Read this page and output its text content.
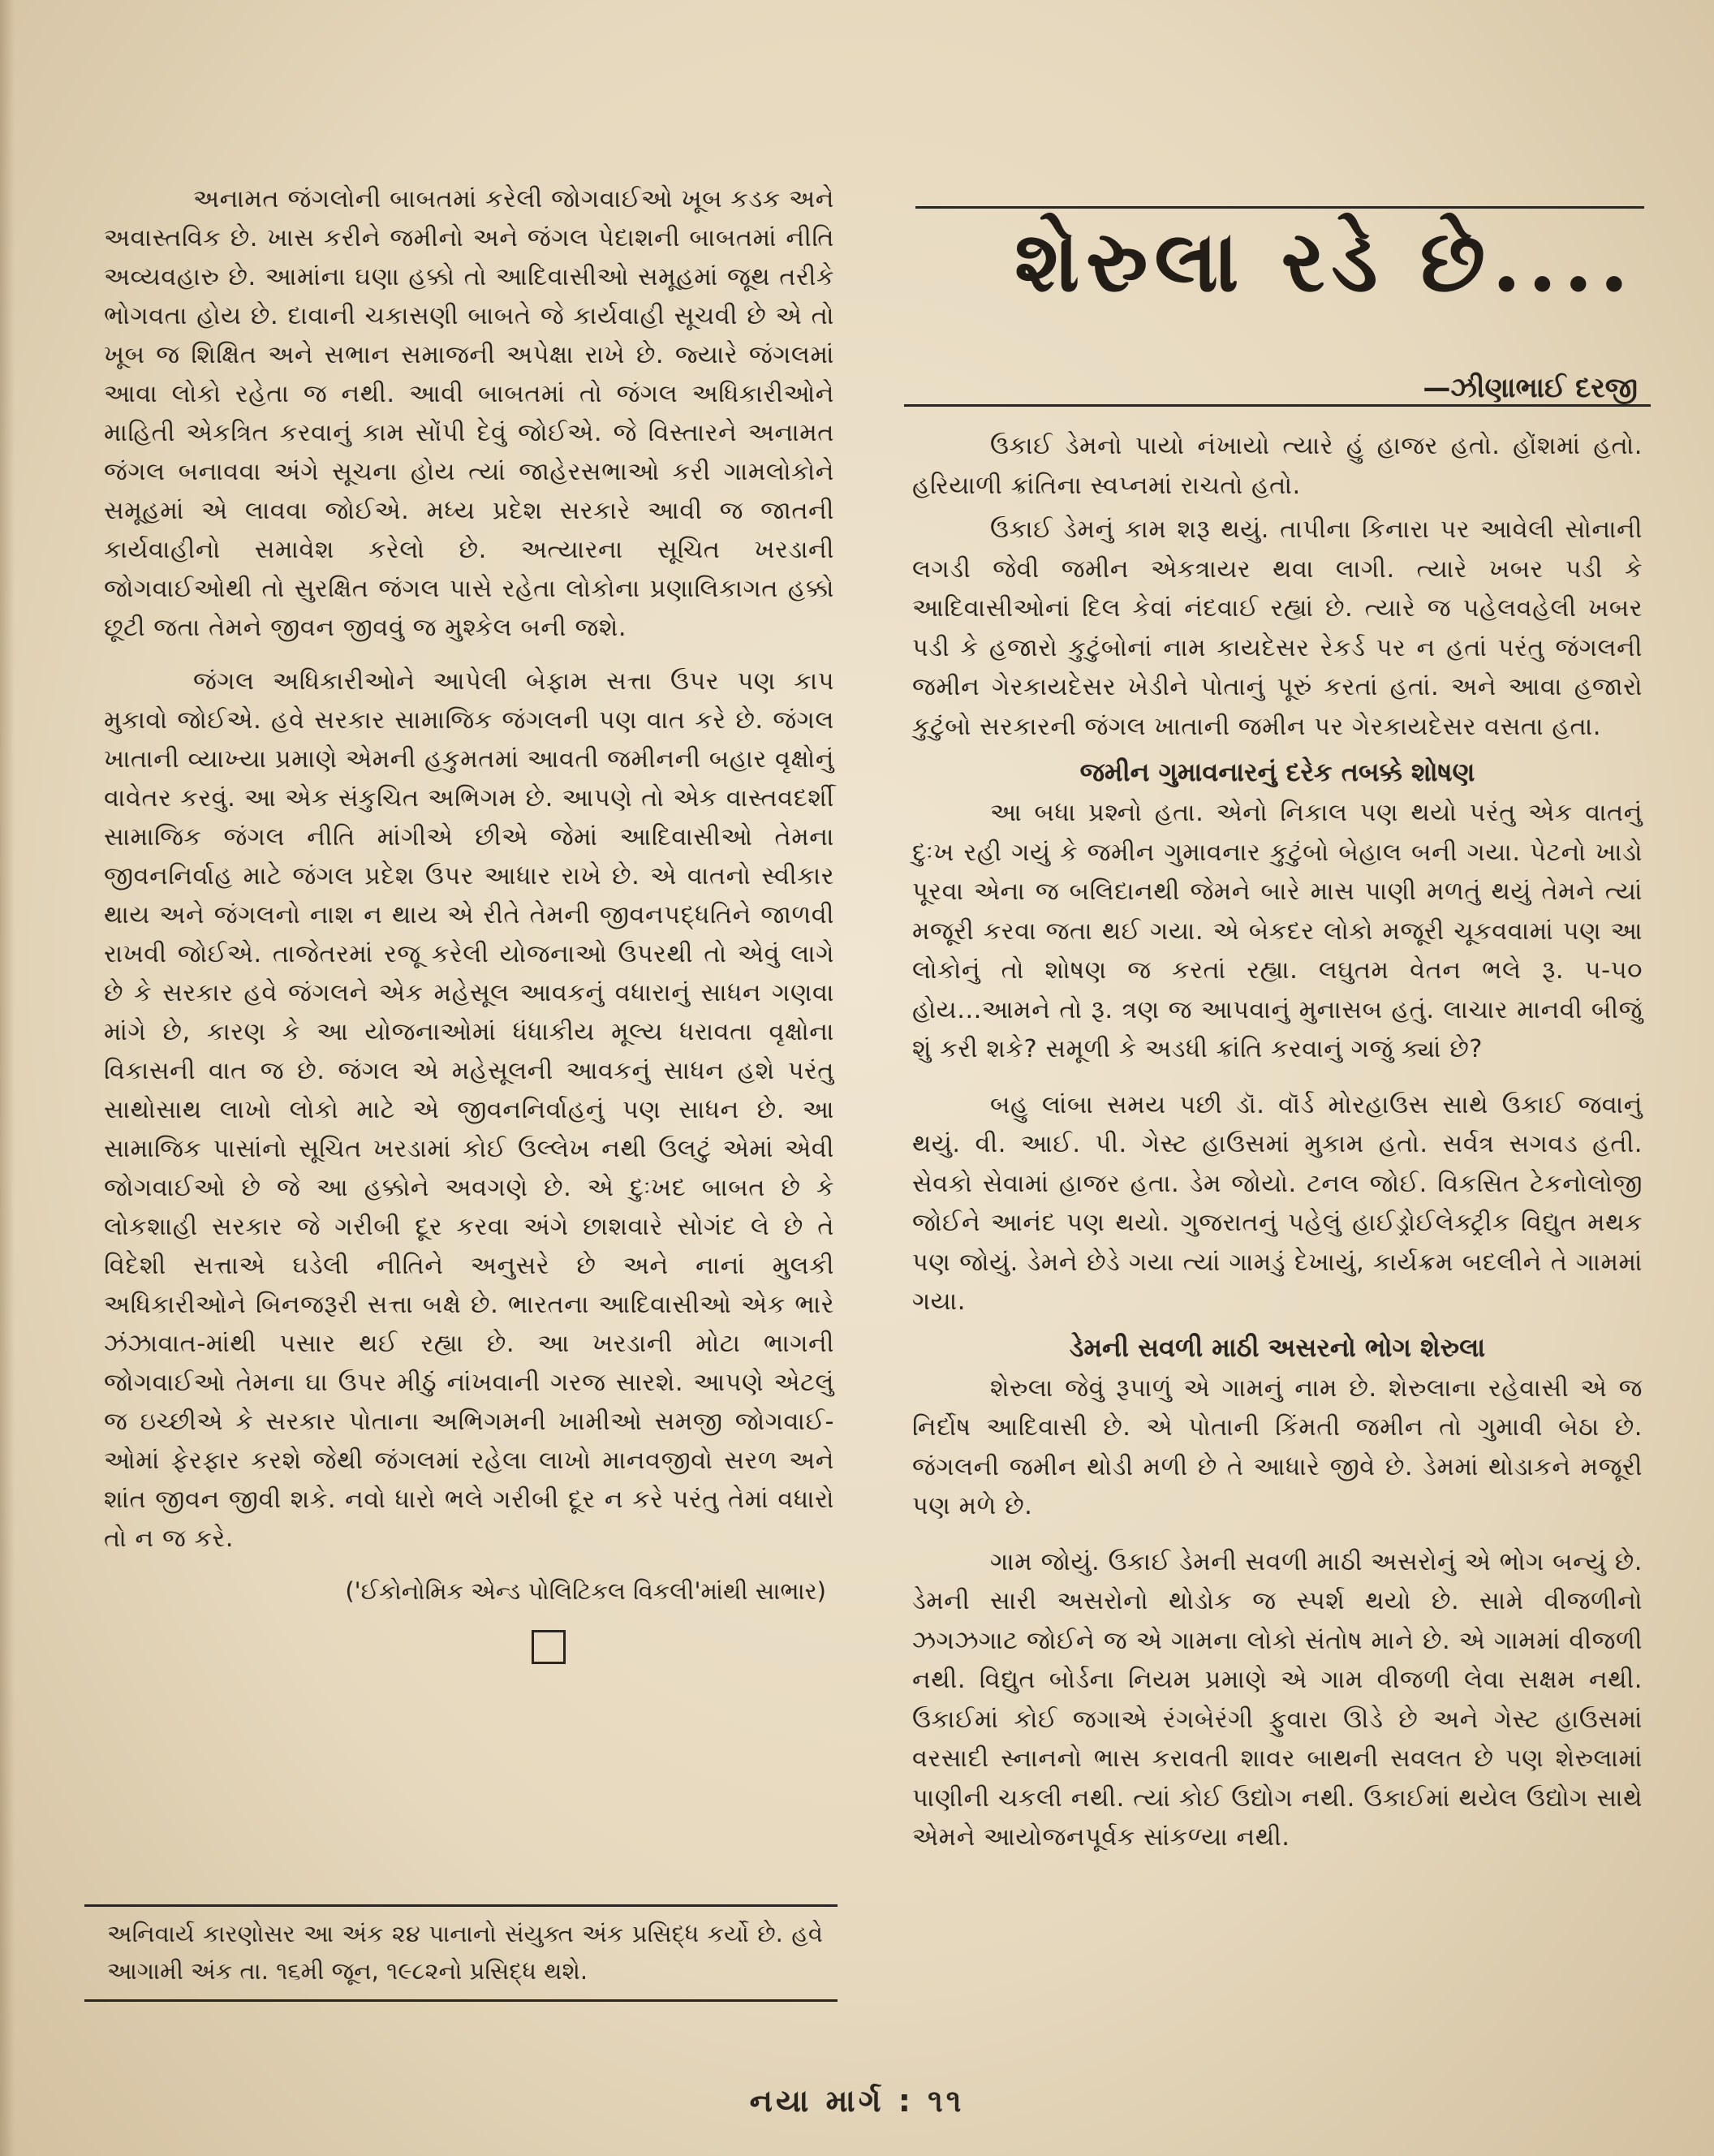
અનામત જંગલોની બાબતમાં કરેલી જોગવાઈઓ ખૂબ કડક અને અવાસ્તવિક છે. ખાસ કરીને જમીનો અને જંગલ પેદાશની બાબતમાં નીતિ અવ્યવહારુ છે. આમાંના ઘણા હક્કો તો આદિવાસીઓ સમૂહમાં જૂથ તરીકે ભોગવતા હોય છે. દાવાની ચકાસણી બાબતે જે કાર્યવાહી સૂચવી છે એ તો ખૂબ જ શિક્ષિત અને સભાન સમાજની અપેક્ષા રાખે છે. જ્યારે જંગલમાં આવા લોકો રહેતા જ નથી. આવી બાબતમાં તો જંગલ અધિકારીઓને માહિતી એકત્રિત કરવાનું કામ સોંપી દેવું જોઈએ. જે વિસ્તારને અનામત જંગલ બનાવવા અંગે સૂચના હોય ત્યાં જાહેરસભાઓ કરી ગામલોકોને સમૂહમાં એ લાવવા જોઈએ. મધ્ય પ્રદેશ સરકારે આવી જ જાતની કાર્યવાહીનો સમાવેશ કરેલો છે. અત્યારના સૂચિત ખરડાની જોગવાઈઓથી તો સુરક્ષિત જંગલ પાસે રહેતા લોકોના પ્રણાલિકાગત હક્કો છૂટી જતા તેમને જીવન જીવવું જ મુશ્કેલ બની જશે.

જંગલ અધિકારીઓને આપેલી બેફામ સત્તા ઉપર પણ કાપ મુકાવો જોઈએ. હવે સરકાર સામાજિક જંગલની પણ વાત કરે છે. જંગલ ખાતાની વ્યાખ્યા પ્રમાણે એમની હકુમતમાં આવતી જમીનની બહાર વૃક્ષોનું વાવેતર કરવું. આ એક સંકુચિત અભિગમ છે. આપણે તો એક વાસ્તવદર્શી સામાજિક જંગલ નીતિ માંગીએ છીએ જેમાં આદિવાસીઓ તેમના જીવનનિર્વાહ માટે જંગલ પ્રદેશ ઉપર આધાર રાખે છે. એ વાતનો સ્વીકાર થાય અને જંગલનો નાશ ન થાય એ રીતે તેમની જીવનપદ્ધતિને જાળવી રાખવી જોઈએ. તાજેતરમાં રજૂ કરેલી યોજનાઓ ઉપરથી તો એવું લાગે છે કે સરકાર હવે જંગલને એક મહેસૂલ આવકનું વધારાનું સાધન ગણવા માંગે છે, કારણ કે આ યોજનાઓમાં ધંધાકીય મૂલ્ય ધરાવતા વૃક્ષોના વિકાસની વાત જ છે. જંગલ એ મહેસૂલની આવકનું સાધન હશે પરંતુ સાથોસાથ લાખો લોકો માટે એ જીવનનિર્વાહનું પણ સાધન છે. આ સામાજિક પાસાંનો સૂચિત ખરડામાં કોઈ ઉલ્લેખ નથી ઉલટું એમાં એવી જોગવાઈઓ છે જે આ હક્કોને અવગણે છે. એ દુઃખદ બાબત છે કે લોકશાહી સરકાર જે ગરીબી દૂર કરવા અંગે છાશવારે સોગંદ લે છે તે વિદેશી સત્તાએ ઘડેલી નીતિને અનુસરે છે અને નાનાં મુલકી અધિકારીઓને બિનજરૂરી સત્તા બક્ષે છે. ભારતના આદિવાસીઓ એક ભારે ઝંઝાવાત-માંથી પસાર થઈ રહ્યા છે. આ ખરડાની મોટા ભાગની જોગવાઈઓ તેમના ઘા ઉપર મીઠું નાંખવાની ગરજ સારશે. આપણે એટલું જ ઇચ્છીએ કે સરકાર પોતાના અભિગમની ખામીઓ સમજી જોગવાઈ-ઓમાં ફેરફાર કરશે જેથી જંગલમાં રહેલા લાખો માનવજીવો સરળ અને શાંત જીવન જીવી શકે. નવો ધારો ભલે ગરીબી દૂર ન કરે પરંતુ તેમાં વધારો તો ન જ કરે.

('ઈકોનોમિક એન્ડ પોલિટિકલ વિકલી'માંથી સાભાર)

અનિવાર્ય કારણોસર આ અંક ૨૪ પાનાનો સંયુક્ત અંક પ્રસિદ્ધ કર્યો છે. હવે આગામી અંક તા. ૧૬મી જૂન, ૧૯૮૨નો પ્રસિદ્ધ થશે.

શેરુલા રડે છે....
—ઝીણાભાઈ દરજી

ઉકાઈ ડેમનો પાયો નંખાયો ત્યારે હું હાજર હતો. હોંશમાં હતો. હરિયાળી ક્રાંતિના સ્વપ્નમાં રાચતો હતો.

ઉકાઈ ડેમનું કામ શરૂ થયું. તાપીના કિનારા પર આવેલી સોનાની લગડી જેવી જમીન એકત્રાયર થવા લાગી. ત્યારે ખબર પડી કે આદિવાસીઓનાં દિલ કેવાં નંદવાઈ રહ્યાં છે. ત્યારે જ પહેલવહેલી ખબર પડી કે હજારો કુટુંબોનાં નામ કાયદેસર રેકર્ડ પર ન હતાં પરંતુ જંગલની જમીન ગેરકાયદેસર ખેડીને પોતાનું પૂરું કરતાં હતાં. અને આવા હજારો કુટુંબો સરકારની જંગલ ખાતાની જમીન પર ગેરકાયદેસર વસતા હતા.

જમીન ગુમાવનારનું દરેક તબક્કે શોષણ

આ બધા પ્રશ્નો હતા. એનો નિકાલ પણ થયો પરંતુ એક વાતનું દુઃખ રહી ગયું કે જમીન ગુમાવનાર કુટુંબો બેહાલ બની ગયા. પેટનો ખાડો પૂરવા એના જ બલિદાનથી જેમને બારે માસ પાણી મળતું થયું તેમને ત્યાં મજૂરી કરવા જતા થઈ ગયા. એ બેકદર લોકો મજૂરી ચૂકવવામાં પણ આ લોકોનું તો શોષણ જ કરતાં રહ્યા. લઘુતમ વેતન ભલે રૂ. ૫-૫૦ હોય...આમને તો રૂ. ત્રણ જ આપવાનું મુનાસબ હતું. લાચાર માનવી બીજું શું કરી શકે? સમૂળી કે અડધી ક્રાંતિ કરવાનું ગજું ક્યાં છે?

બહુ લાંબા સમય પછી ડૉ. વૉર્ડ મોરહાઉસ સાથે ઉકાઈ જવાનું થયું. વી. આઈ. પી. ગેસ્ટ હાઉસમાં મુકામ હતો. સર્વત્ર સગવડ હતી. સેવકો સેવામાં હાજર હતા. ડેમ જોયો. ટનલ જોઈ. વિકસિત ટેકનોલોજી જોઈને આનંદ પણ થયો. ગુજરાતનું પહેલું હાઈડ્રોઈલેક્ટ્રીક વિદ્યુત મથક પણ જોયું. ડેમને છેડે ગયા ત્યાં ગામડું દેખાયું, કાર્યક્રમ બદલીને તે ગામમાં ગયા.

ડેમની સવળી માઠી અસરનો ભોગ શેરુલા

શેરુલા જેવું રૂપાળું એ ગામનું નામ છે. શેરુલાના રહેવાસી એ જ નિર્દોષ આદિવાસી છે. એ પોતાની કિંમતી જમીન તો ગુમાવી બેઠા છે. જંગલની જમીન થોડી મળી છે તે આધારે જીવે છે. ડેમમાં થોડાકને મજૂરી પણ મળે છે.

ગામ જોયું. ઉકાઈ ડેમની સવળી માઠી અસરોનું એ ભોગ બન્યું છે. ડેમની સારી અસરોનો થોડોક જ સ્પર્શ થયો છે. સામે વીજળીનો ઝગઝગાટ જોઈને જ એ ગામના લોકો સંતોષ માને છે. એ ગામમાં વીજળી નથી. વિદ્યુત બોર્ડના નિયમ પ્રમાણે એ ગામ વીજળી લેવા સક્ષમ નથી. ઉકાઈમાં કોઈ જગાએ રંગબેરંગી ફુવારા ઊડે છે અને ગેસ્ટ હાઉસમાં વરસાદી સ્નાનનો ભાસ કરાવતી શાવર બાથની સવલત છે પણ શેરુલામાં પાણીની ચકલી નથી. ત્યાં કોઈ ઉદ્યોગ નથી. ઉકાઈમાં થયેલ ઉદ્યોગ સાથે એમને આયોજનપૂર્વક સાંકળ્યા નથી.

નયા માર્ગ : ૧૧
